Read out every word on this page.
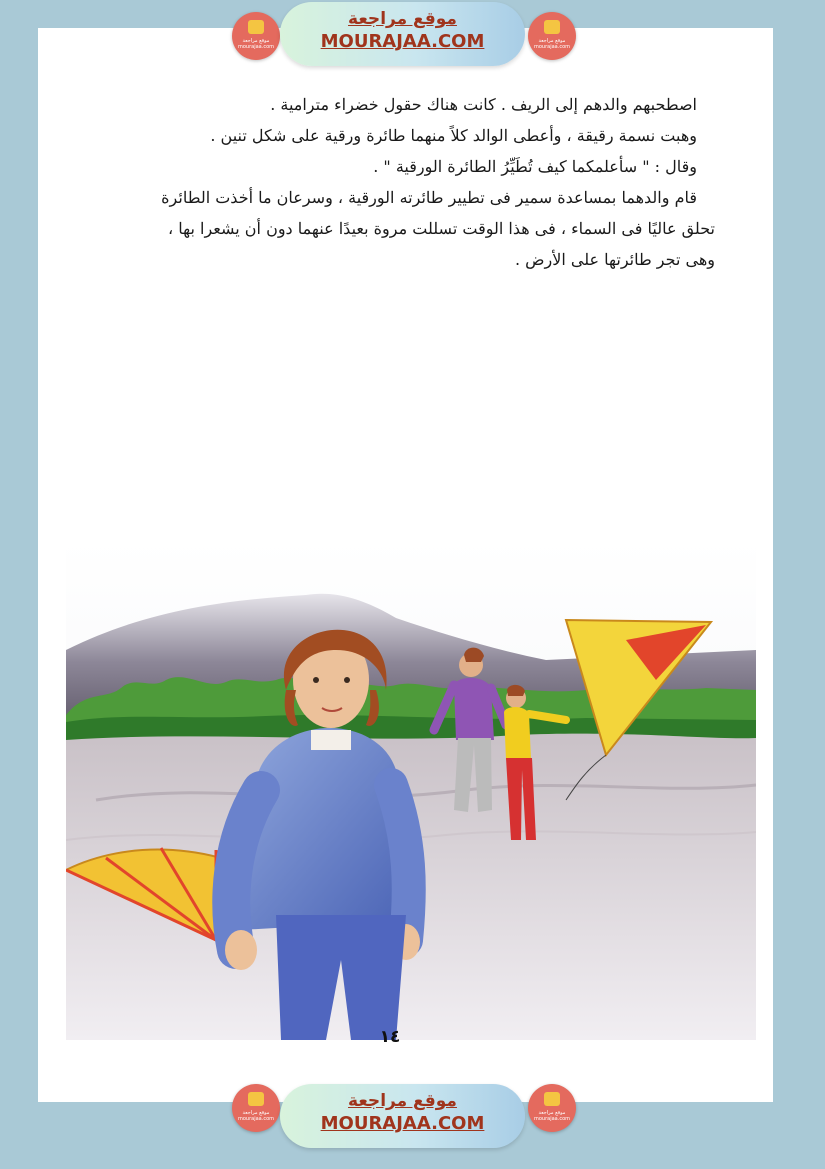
موقع مراجعة
mourajaa.com
موقع مراجعة
MOURAJAA.COM	موقع مراجعة
mourajaa.com
اصطحبهم والدهم إلى الريف . كانت هناك حقول خضراء مترامية .
وهبت نسمة رقيقة ، وأعطى الوالد كلاً منهما طائرة ورقية على شكل تنين .
وقال : " سأعلمكما كيف تُطَيِّرُ الطائرة الورقية " .
قام والدهما بمساعدة سمير فى تطيير طائرته الورقية ، وسرعان ما أخذت الطائرة
تحلق عاليًا فى السماء ، فى هذا الوقت تسللت مروة بعيدًا عنهما دون أن يشعرا بها ،
وهى تجر طائرتها على الأرض .
١٤
موقع مراجعة
mourajaa.com
موقع مراجعة
MOURAJAA.COM	موقع مراجعة
mourajaa.com
